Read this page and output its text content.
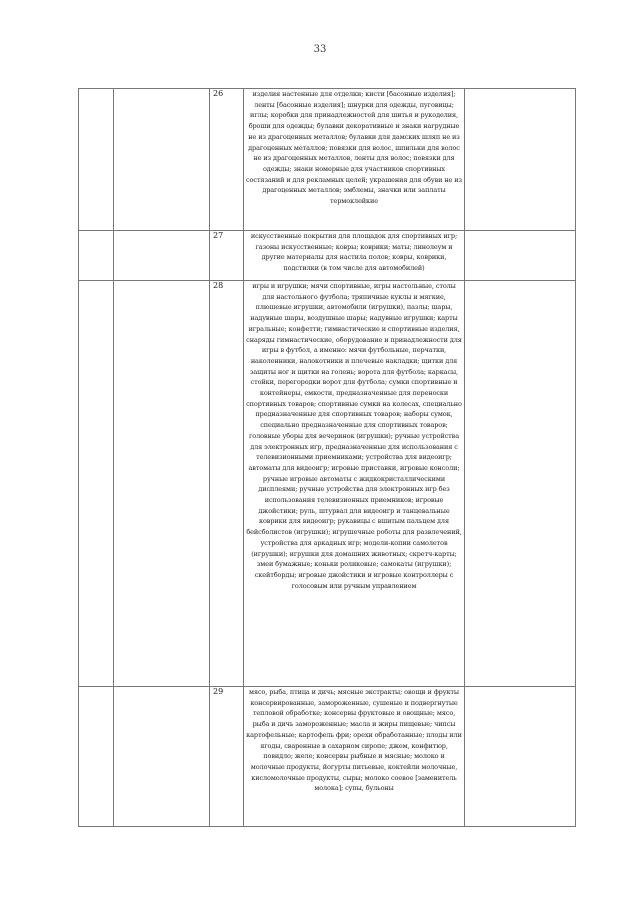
33
		26	изделия настенные для отделки; кисти [басонные изделия]; ленты [басонные изделия]; шнурки для одежды, пуговицы; иглы; коробки для принадлежностей для шитья и рукоделия, броши для одежды; булавки декоративные и знаки нагрудные не из драгоценных металлов; булавки для дамских шляп не из драгоценных металлов; повязки для волос, шпильки для волос не из драгоценных металлов, ленты для волос; повязки для одежды; знаки номерные для участников спортивных состязаний и для рекламных целей; украшения для обуви не из драгоценных металлов; эмблемы, значки или заплаты термоклейкие	
		27	искусственные покрытия для площадок для спортивных игр; газоны искусственные; ковры; коврики; маты; линолеум и другие материалы для настила полов; ковры, коврики, подстилки (в том числе для автомобилей)	
		28	игры и игрушки; мячи спортивные, игры настольные, столы для настольного футбола; тряпичные куклы и мягкие, плюшевые игрушки, автомобили (игрушки), пазлы; шары, надувные шары, воздушные шары; надувные игрушки; карты игральные; конфетти; гимнастические и спортивные изделия, снаряды гимнастические, оборудование и принадлежности для игры в футбол, а именно: мячи футбольные, перчатки, наколенники, налокотники и плечевые накладки; щитки для защиты ног и щитки на голень; ворота для футбола; каркасы, стойки, перегородки ворот для футбола; сумки спортивные и контейнеры, емкости, предназначенные для переноски спортивных товаров; спортивные сумки на колесах, специально предназначенные для спортивных товаров; наборы сумок, специально предназначенные для спортивных товаров; головные уборы для вечеринок (игрушки); ручные устройства для электронных игр, предназначенные для использования с телевизионными приемниками; устройства для видеоигр; автоматы для видеоигр; игровые приставки, игровые консоли; ручные игровые автоматы с жидкокристаллическими дисплеями; ручные устройства для электронных игр без использования телевизионных приемников; игровые джойстики; руль, штурвал для видеоигр и танцевальные коврики для видеоигр; рукавицы с вшитым пальцем для бейсболистов (игрушки); игрушечные роботы для развлечений, устройства для аркадных игр; модели-копии самолетов (игрушки); игрушки для домашних животных; скретч-карты; змеи бумажные; коньки роликовые; самокаты (игрушки); скейтборды; игровые джойстики и игровые контроллеры с голосовым или ручным управлением	
		29	мясо, рыба, птица и дичь; мясные экстракты; овощи и фрукты консервированные, замороженные, сушеные и подвергнутые тепловой обработке; консервы фруктовые и овощные; мясо, рыба и дичь замороженные; масла и жиры пищевые; чипсы картофельные; картофель фри; орехи обработанные; плоды или ягоды, сваренные в сахарном сиропе; джем, конфитюр, повидло; желе; консервы рыбные и мясные; молоко и молочные продукты, йогурты питьевые, коктейли молочные, кисломолочные продукты, сыры; молоко соевое [заменитель молока]; супы, бульоны	
